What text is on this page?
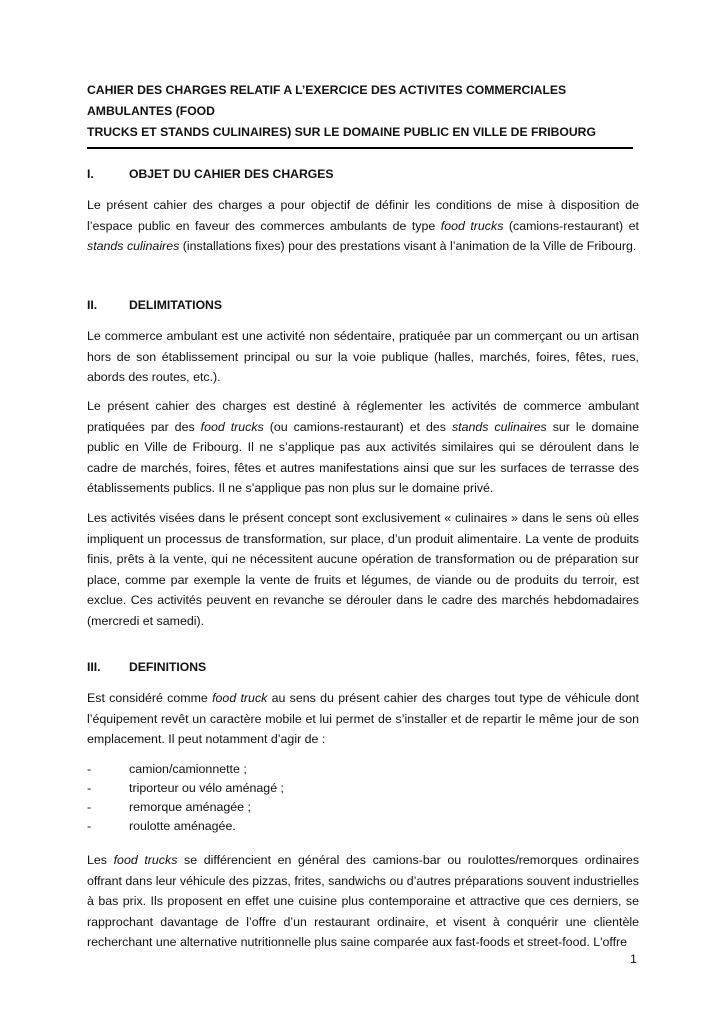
CAHIER DES CHARGES RELATIF A L’EXERCICE DES ACTIVITES COMMERCIALES AMBULANTES (FOOD
TRUCKS ET STANDS CULINAIRES) SUR LE DOMAINE PUBLIC EN VILLE DE FRIBOURG
I.	OBJET DU CAHIER DES CHARGES

Le présent cahier des charges a pour objectif de définir les conditions de mise à disposition de l’espace public en faveur des commerces ambulants de type food trucks (camions-restaurant) et stands culinaires (installations fixes) pour des prestations visant à l’animation de la Ville de Fribourg.

II.	DELIMITATIONS

Le commerce ambulant est une activité non sédentaire, pratiquée par un commerçant ou un artisan hors de son établissement principal ou sur la voie publique (halles, marchés, foires, fêtes, rues, abords des routes, etc.).

Le présent cahier des charges est destiné à réglementer les activités de commerce ambulant pratiquées par des food trucks (ou camions-restaurant) et des stands culinaires sur le domaine public en Ville de Fribourg. Il ne s’applique pas aux activités similaires qui se déroulent dans le cadre de marchés, foires, fêtes et autres manifestations ainsi que sur les surfaces de terrasse des établissements publics. Il ne s’applique pas non plus sur le domaine privé.

Les activités visées dans le présent concept sont exclusivement « culinaires » dans le sens où elles impliquent un processus de transformation, sur place, d’un produit alimentaire. La vente de produits finis, prêts à la vente, qui ne nécessitent aucune opération de transformation ou de préparation sur place, comme par exemple la vente de fruits et légumes, de viande ou de produits du terroir, est exclue. Ces activités peuvent en revanche se dérouler dans le cadre des marchés hebdomadaires (mercredi et samedi).

III. DEFINITIONS

Est considéré comme food truck au sens du présent cahier des charges tout type de véhicule dont l’équipement revêt un caractère mobile et lui permet de s’installer et de repartir le même jour de son emplacement. Il peut notamment d’agir de :

-	camion/camionnette ;
-	triporteur ou vélo aménagé ;
-	remorque aménagée ;
-	roulotte aménagée.

Les food trucks se différencient en général des camions-bar ou roulottes/remorques ordinaires offrant dans leur véhicule des pizzas, frites, sandwichs ou d’autres préparations souvent industrielles à bas prix. Ils proposent en effet une cuisine plus contemporaine et attractive que ces derniers, se rapprochant davantage de l’offre d’un restaurant ordinaire, et visent à conquérir une clientèle recherchant une alternative nutritionnelle plus saine comparée aux fast-foods et street-food. L'offre

1
